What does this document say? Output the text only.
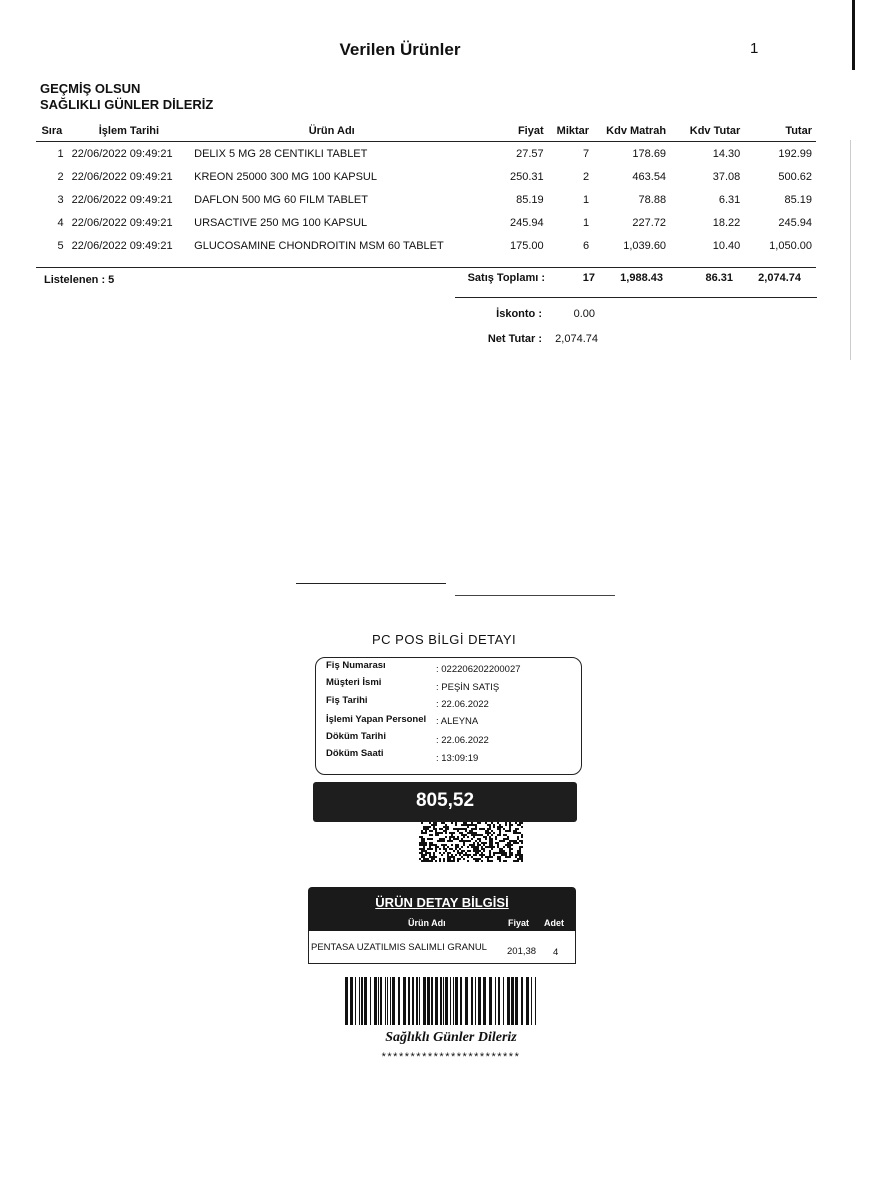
Verilen Ürünler	1
GEÇMİŞ OLSUN
SAĞLIKLI GÜNLER DİLERİZ
Sıra	İşlem Tarihi	Ürün Adı	Fiyat	Miktar	Kdv Matrah	Kdv Tutar	Tutar
1	22/06/2022 09:49:21	DELIX 5 MG 28 CENTIKLI TABLET	27.57	7	178.69	14.30	192.99
2	22/06/2022 09:49:21	KREON 25000 300 MG 100 KAPSUL	250.31	2	463.54	37.08	500.62
3	22/06/2022 09:49:21	DAFLON 500 MG 60 FILM TABLET	85.19	1	78.88	6.31	85.19
4	22/06/2022 09:49:21	URSACTIVE 250 MG 100 KAPSUL	245.94	1	227.72	18.22	245.94
5	22/06/2022 09:49:21	GLUCOSAMINE CHONDROITIN MSM 60 TABLET	175.00	6	1,039.60	10.40	1,050.00
Listelenen : 5	Satış Toplamı :	17	1,988.43	86.31	2,074.74
İskonto :	0.00
Net Tutar :	2,074.74
PC POS BİLGİ DETAYI
Fiş Numarası	: 022206202200027
Müşteri İsmi	: PEŞİN SATIŞ
Fiş Tarihi	: 22.06.2022
İşlemi Yapan Personel : ALEYNA
Döküm Tarihi	: 22.06.2022
Döküm Saati	: 13:09:19
805,52
ÜRÜN DETAY BİLGİSİ
Ürün Adı	Fiyat Adet
PENTASA UZATILMIS SALIMLI GRANUL 201,38 4
Sağlıklı Günler Dileriz
************************
